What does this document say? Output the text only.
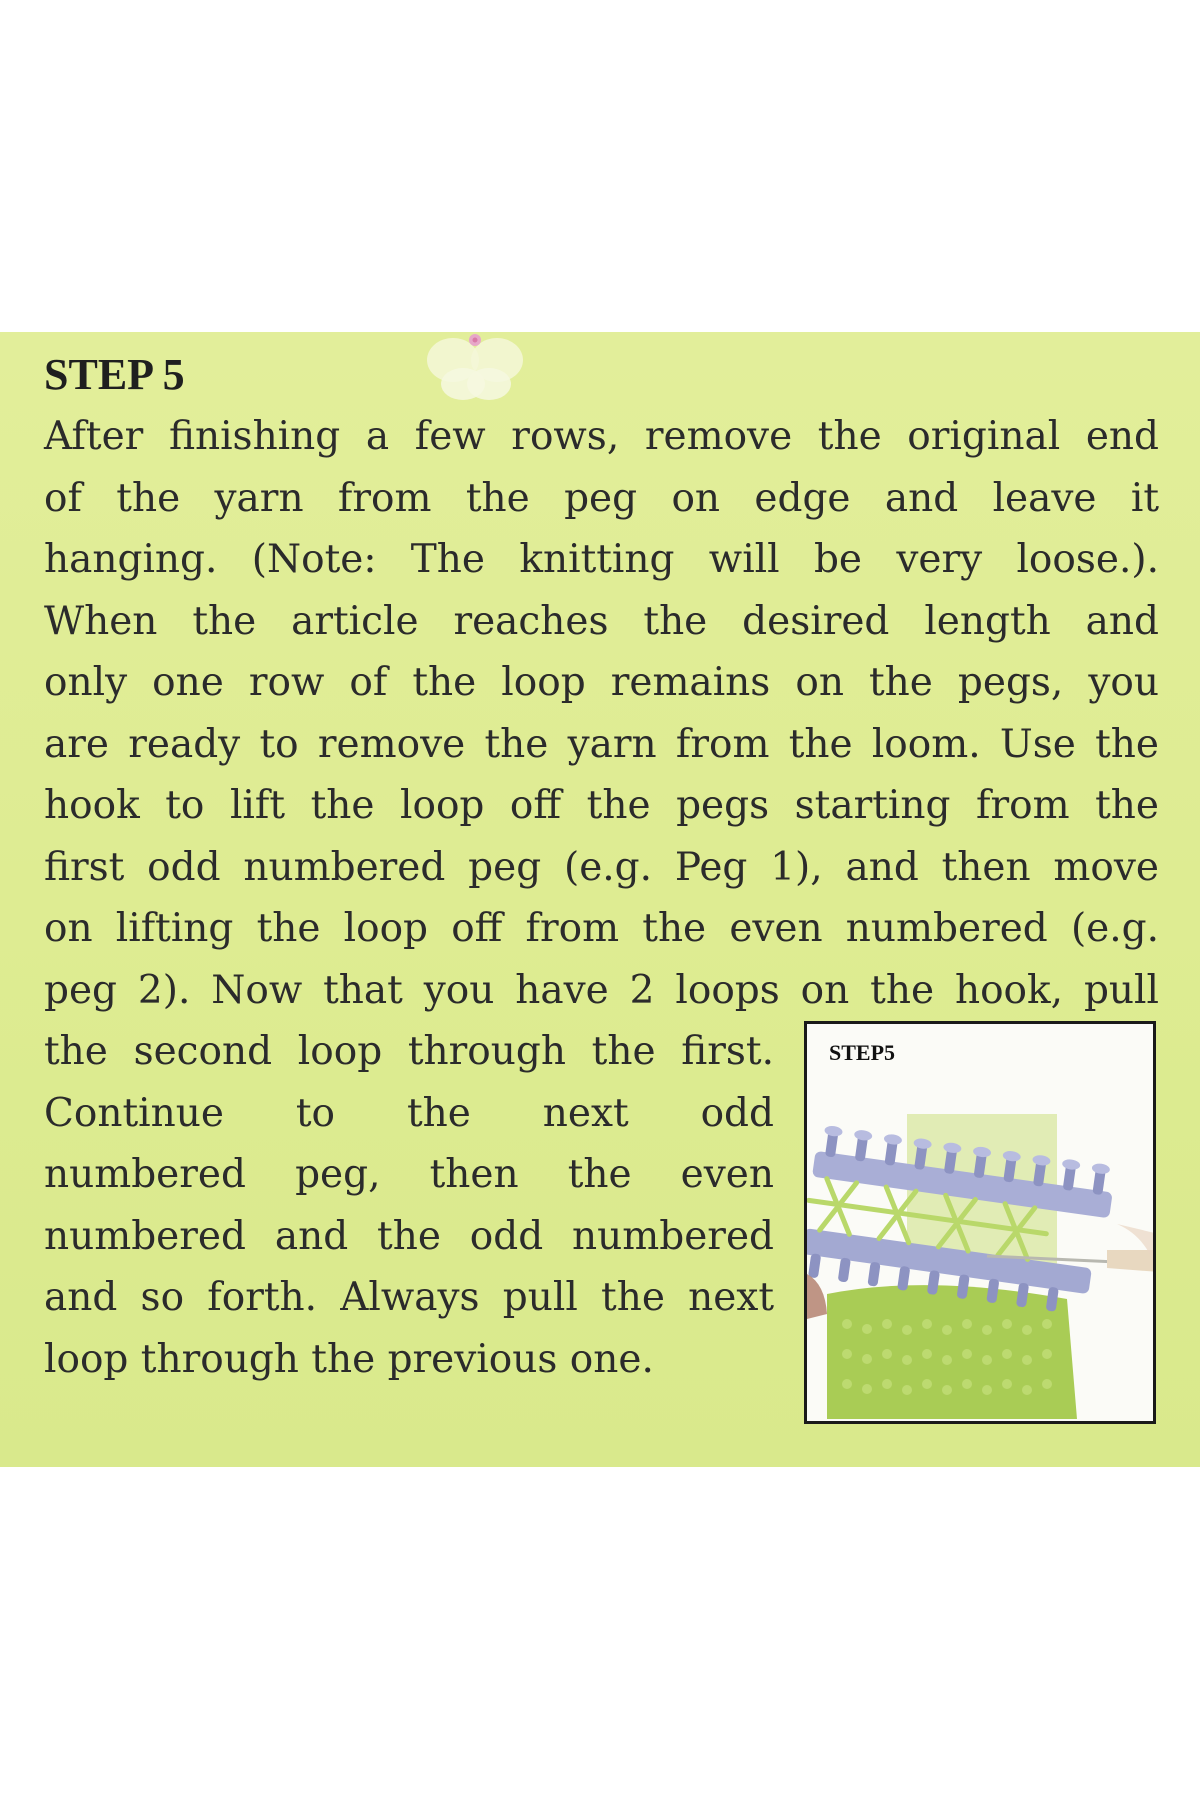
STEP 5
After finishing a few rows, remove the original end
of the yarn from the peg on edge and leave it
hanging. (Note: The knitting will be very loose.).
When the article reaches the desired length and
only one row of the loop remains on the pegs, you
are ready to remove the yarn from the loom. Use the
hook to lift the loop off the pegs starting from the
first odd numbered peg (e.g. Peg 1), and then move
on lifting the loop off from the even numbered (e.g.
peg 2). Now that you have 2 loops on the hook, pull
the second loop through the first.
Continue to the next odd
numbered peg, then the even
numbered and the odd numbered
and so forth. Always pull the next
loop through the previous one.
STEP5
